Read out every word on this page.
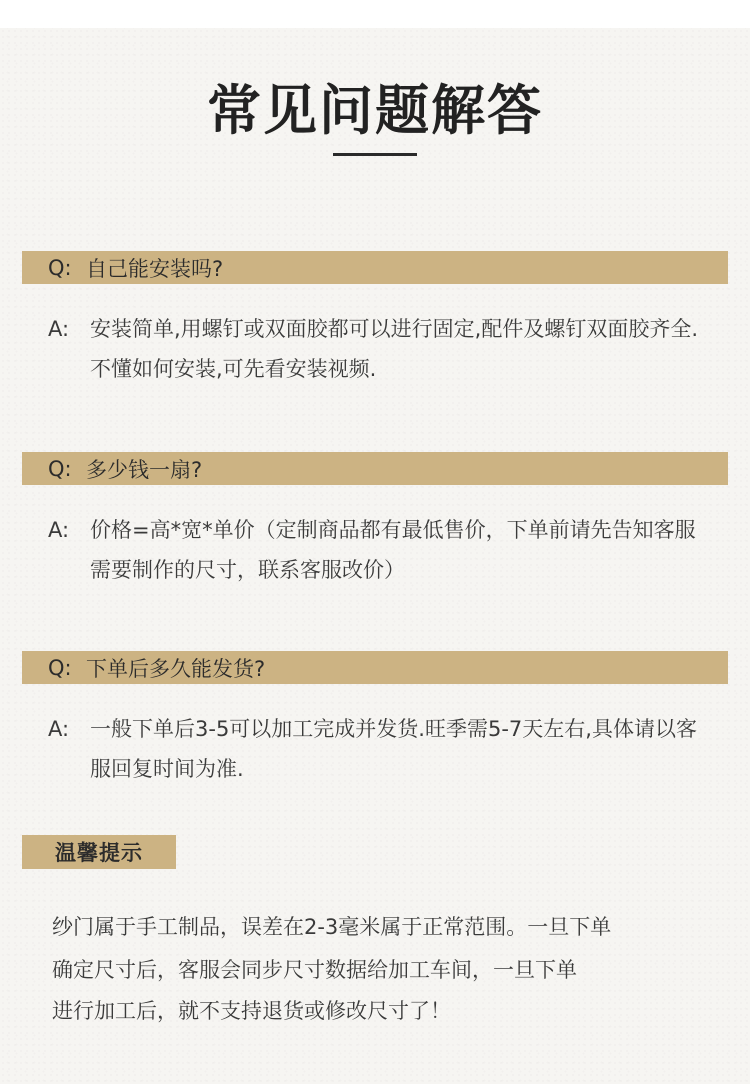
常见问题解答
Q: 自己能安装吗?
A: 安装简单,用螺钉或双面胶都可以进行固定,配件及螺钉双面胶齐全.不懂如何安装,可先看安装视频.
Q: 多少钱一扇?
A: 价格=高*宽*单价（定制商品都有最低售价，下单前请先告知客服需要制作的尺寸，联系客服改价）
Q: 下单后多久能发货?
A: 一般下单后3-5可以加工完成并发货.旺季需5-7天左右,具体请以客服回复时间为准.
温馨提示
纱门属于手工制品，误差在2-3毫米属于正常范围。一旦下单
确定尺寸后，客服会同步尺寸数据给加工车间，一旦下单
进行加工后，就不支持退货或修改尺寸了！
